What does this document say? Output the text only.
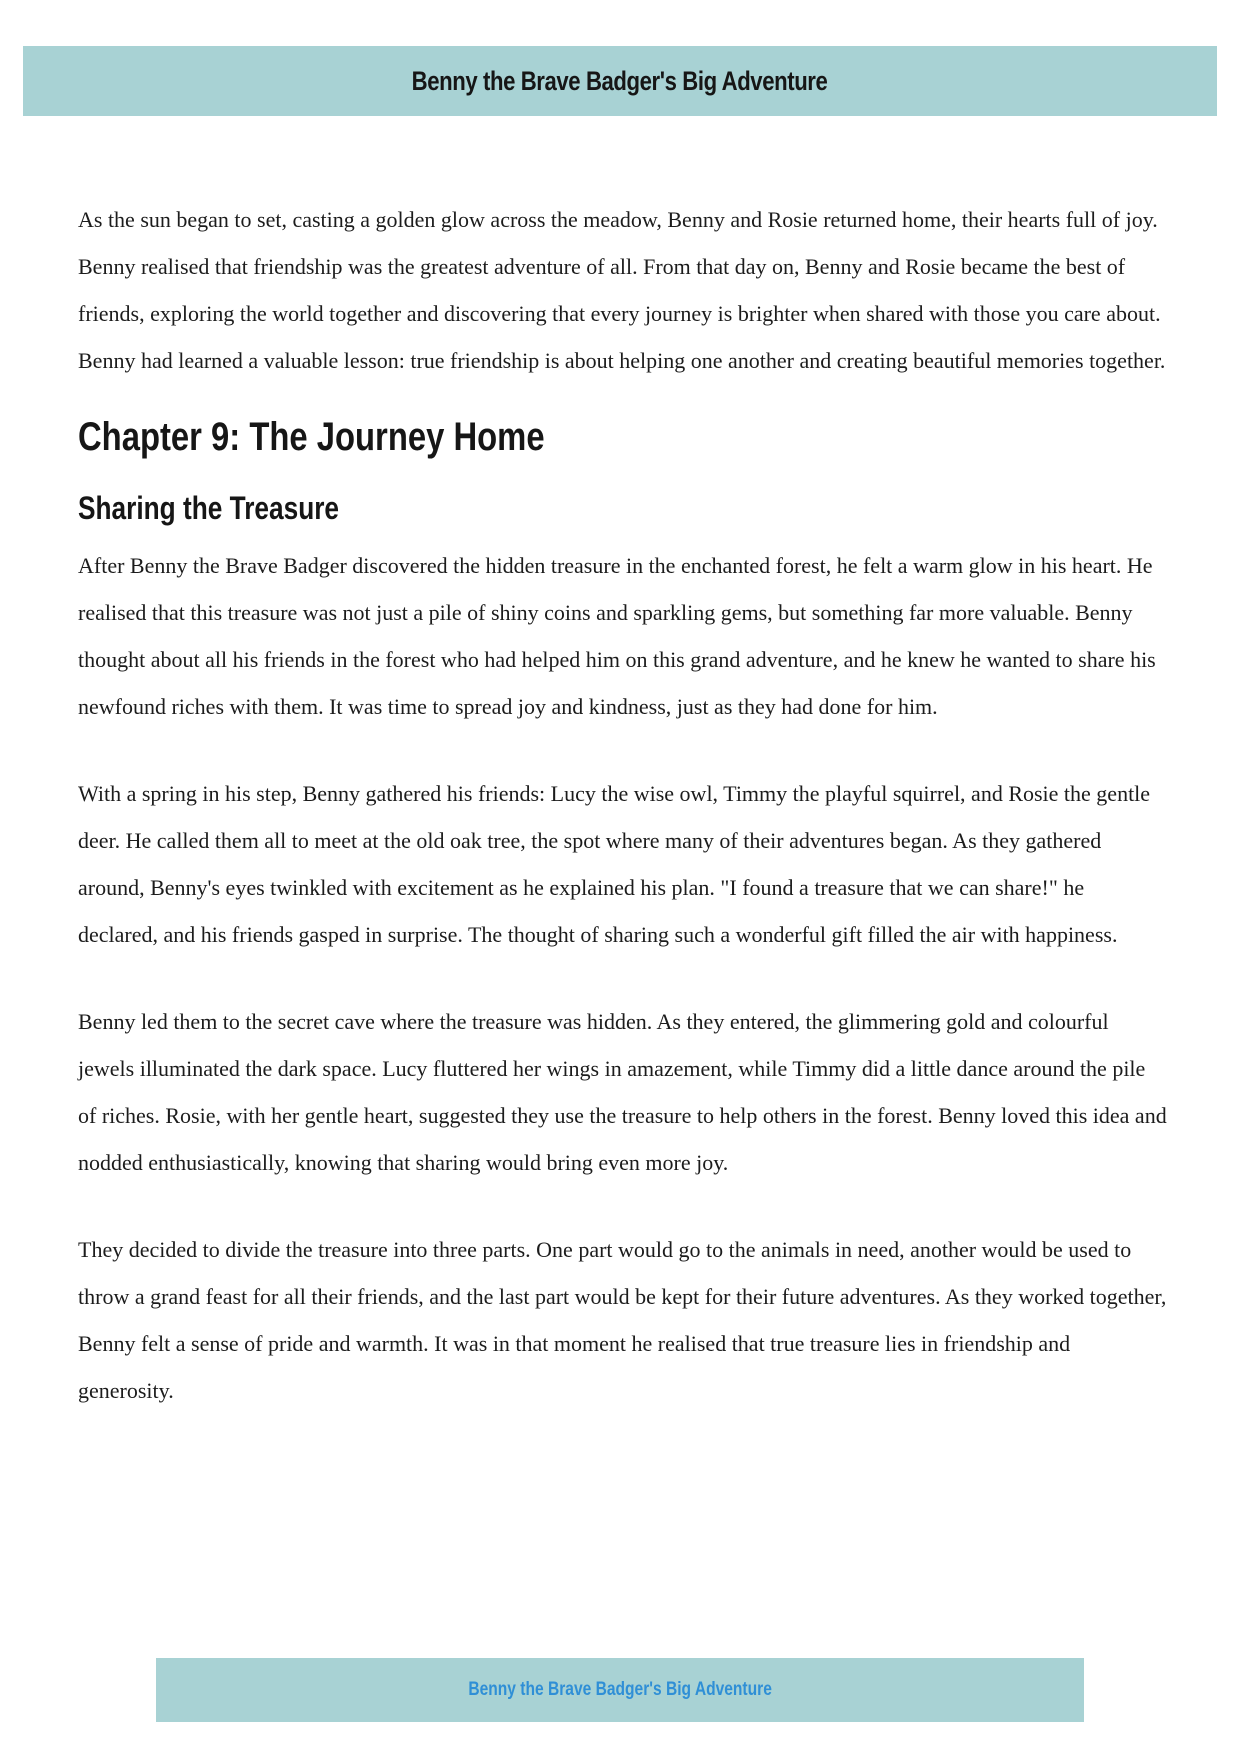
Benny the Brave Badger's Big Adventure

As the sun began to set, casting a golden glow across the meadow, Benny and Rosie returned home, their hearts full of joy. Benny realised that friendship was the greatest adventure of all. From that day on, Benny and Rosie became the best of friends, exploring the world together and discovering that every journey is brighter when shared with those you care about. Benny had learned a valuable lesson: true friendship is about helping one another and creating beautiful memories together.

Chapter 9: The Journey Home
Sharing the Treasure

After Benny the Brave Badger discovered the hidden treasure in the enchanted forest, he felt a warm glow in his heart. He realised that this treasure was not just a pile of shiny coins and sparkling gems, but something far more valuable. Benny thought about all his friends in the forest who had helped him on this grand adventure, and he knew he wanted to share his newfound riches with them. It was time to spread joy and kindness, just as they had done for him.

With a spring in his step, Benny gathered his friends: Lucy the wise owl, Timmy the playful squirrel, and Rosie the gentle deer. He called them all to meet at the old oak tree, the spot where many of their adventures began. As they gathered around, Benny's eyes twinkled with excitement as he explained his plan. "I found a treasure that we can share!" he declared, and his friends gasped in surprise. The thought of sharing such a wonderful gift filled the air with happiness.

Benny led them to the secret cave where the treasure was hidden. As they entered, the glimmering gold and colourful jewels illuminated the dark space. Lucy fluttered her wings in amazement, while Timmy did a little dance around the pile of riches. Rosie, with her gentle heart, suggested they use the treasure to help others in the forest. Benny loved this idea and nodded enthusiastically, knowing that sharing would bring even more joy.

They decided to divide the treasure into three parts. One part would go to the animals in need, another would be used to throw a grand feast for all their friends, and the last part would be kept for their future adventures. As they worked together, Benny felt a sense of pride and warmth. It was in that moment he realised that true treasure lies in friendship and generosity.

Benny the Brave Badger's Big Adventure
